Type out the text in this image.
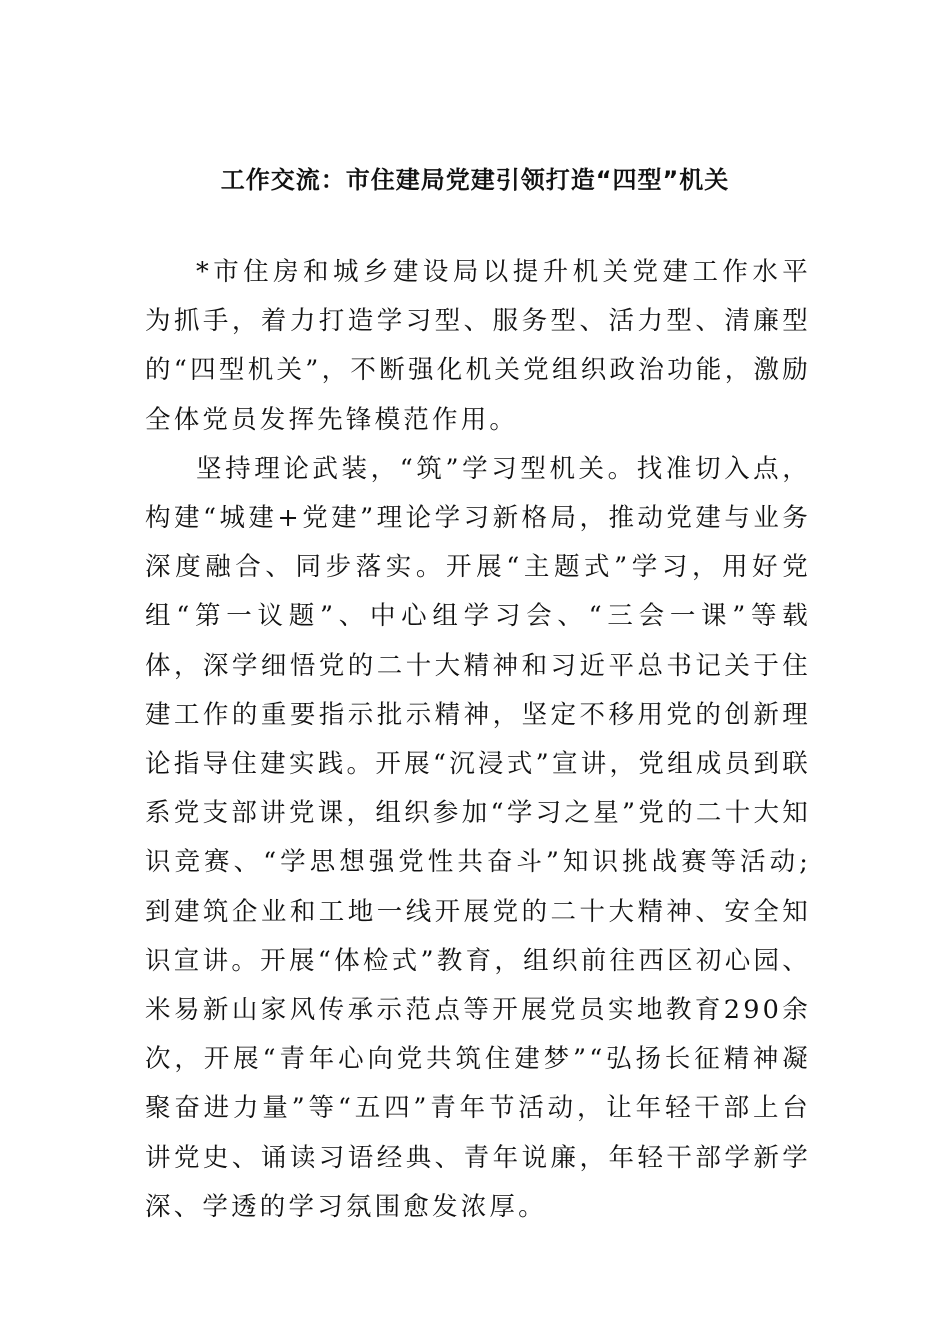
工作交流：市住建局党建引领打造“四型”机关

*市住房和城乡建设局以提升机关党建工作水平为抓手，着力打造学习型、服务型、活力型、清廉型的“四型机关”，不断强化机关党组织政治功能，激励全体党员发挥先锋模范作用。

坚持理论武装，“筑”学习型机关。找准切入点，构建“城建+党建”理论学习新格局，推动党建与业务深度融合、同步落实。开展“主题式”学习，用好党组“第一议题”、中心组学习会、“三会一课”等载体，深学细悟党的二十大精神和习近平总书记关于住建工作的重要指示批示精神，坚定不移用党的创新理论指导住建实践。开展“沉浸式”宣讲，党组成员到联系党支部讲党课，组织参加“学习之星”党的二十大知识竞赛、“学思想强党性共奋斗”知识挑战赛等活动;到建筑企业和工地一线开展党的二十大精神、安全知识宣讲。开展“体检式”教育，组织前往西区初心园、米易新山家风传承示范点等开展党员实地教育290余次，开展“青年心向党共筑住建梦”“弘扬长征精神凝聚奋进力量”等“五四”青年节活动，让年轻干部上台讲党史、诵读习语经典、青年说廉，年轻干部学新学深、学透的学习氛围愈发浓厚。
